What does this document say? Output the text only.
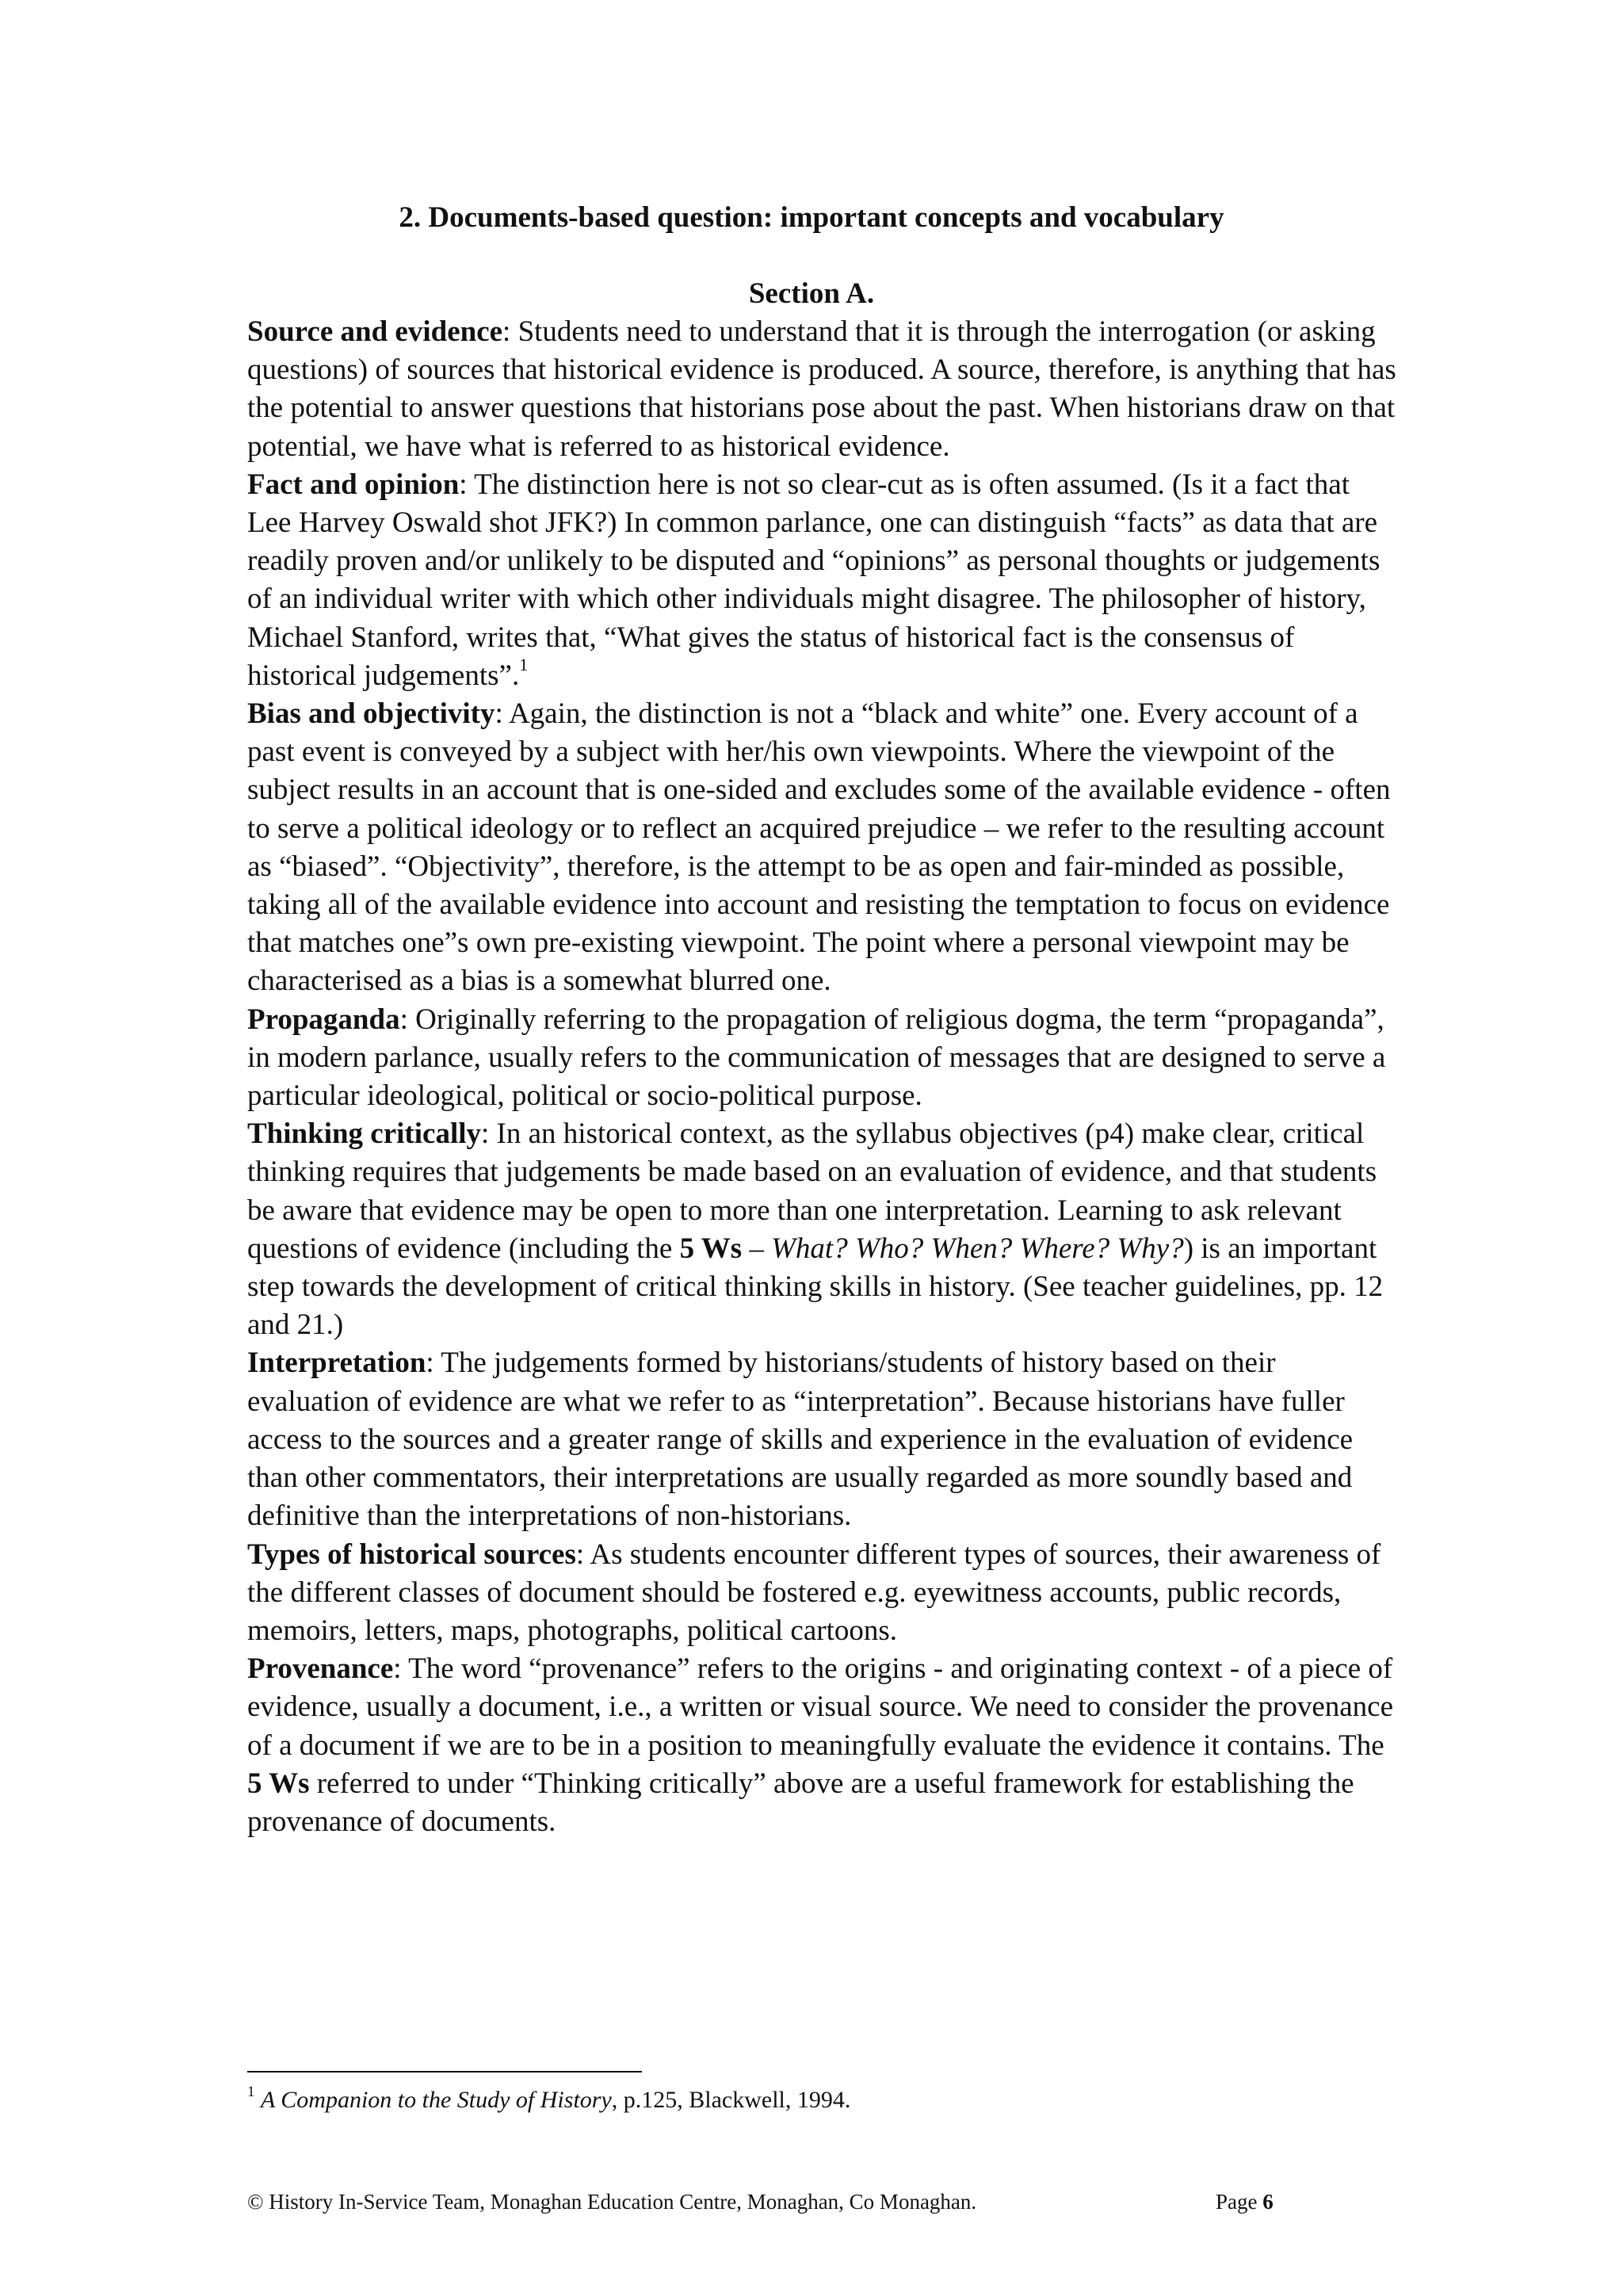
2. Documents-based question: important concepts and vocabulary
Section A.

Source and evidence: Students need to understand that it is through the interrogation (or asking questions) of sources that historical evidence is produced. A source, therefore, is anything that has the potential to answer questions that historians pose about the past. When historians draw on that potential, we have what is referred to as historical evidence.

Fact and opinion: The distinction here is not so clear-cut as is often assumed. (Is it a fact that Lee Harvey Oswald shot JFK?) In common parlance, one can distinguish “facts” as data that are readily proven and/or unlikely to be disputed and “opinions” as personal thoughts or judgements of an individual writer with which other individuals might disagree. The philosopher of history, Michael Stanford, writes that, “What gives the status of historical fact is the consensus of historical judgements”.$^1$

Bias and objectivity: Again, the distinction is not a “black and white” one. Every account of a past event is conveyed by a subject with her/his own viewpoints. Where the viewpoint of the subject results in an account that is one-sided and excludes some of the available evidence - often to serve a political ideology or to reflect an acquired prejudice – we refer to the resulting account as “biased”. “Objectivity”, therefore, is the attempt to be as open and fair-minded as possible, taking all of the available evidence into account and resisting the temptation to focus on evidence that matches one”s own pre-existing viewpoint. The point where a personal viewpoint may be characterised as a bias is a somewhat blurred one.

Propaganda: Originally referring to the propagation of religious dogma, the term “propaganda”, in modern parlance, usually refers to the communication of messages that are designed to serve a particular ideological, political or socio-political purpose.

Thinking critically: In an historical context, as the syllabus objectives (p4) make clear, critical thinking requires that judgements be made based on an evaluation of evidence, and that students be aware that evidence may be open to more than one interpretation. Learning to ask relevant questions of evidence (including the 5 Ws – What? Who? When? Where? Why?) is an important step towards the development of critical thinking skills in history. (See teacher guidelines, pp. 12 and 21.)

Interpretation: The judgements formed by historians/students of history based on their evaluation of evidence are what we refer to as “interpretation”. Because historians have fuller access to the sources and a greater range of skills and experience in the evaluation of evidence than other commentators, their interpretations are usually regarded as more soundly based and definitive than the interpretations of non-historians.

Types of historical sources: As students encounter different types of sources, their awareness of the different classes of document should be fostered e.g. eyewitness accounts, public records, memoirs, letters, maps, photographs, political cartoons.

Provenance: The word “provenance” refers to the origins - and originating context - of a piece of evidence, usually a document, i.e., a written or visual source. We need to consider the provenance of a document if we are to be in a position to meaningfully evaluate the evidence it contains. The 5 Ws referred to under “Thinking critically” above are a useful framework for establishing the provenance of documents.

$^1$ A Companion to the Study of History, p.125, Blackwell, 1994.
© History In-Service Team, Monaghan Education Centre, Monaghan, Co Monaghan.	Page 6
